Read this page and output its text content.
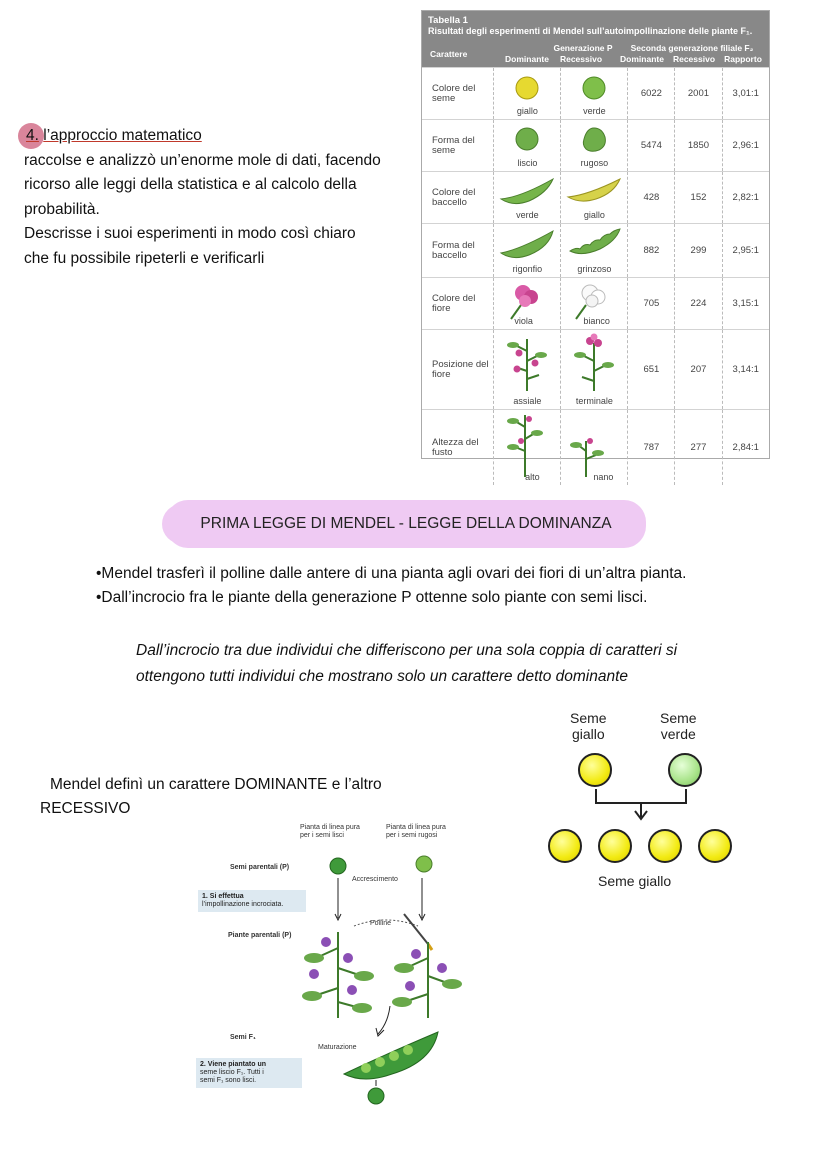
4. l’approccio matematico

raccolse e analizzò un’enorme mole di dati, facendo

ricorso alle leggi della statistica e al calcolo della

probabilità.

Descrisse i suoi esperimenti in modo così chiaro

che fu possibile ripeterli e verificarli

Tabella 1
Risultati degli esperimenti di Mendel sull’autoimpollinazione delle piante F₁.
Carattere
Generazione P
Dominante	Recessivo
Seconda generazione filiale F₂
Dominante	Recessivo	Rapporto
Colore del seme	giallo	verde	6022	2001	3,01:1
Forma del seme	liscio	rugoso	5474	1850	2,96:1
Colore del baccello	verde	giallo	428	152	2,82:1
Forma del baccello	rigonfio	grinzoso	882	299	2,95:1
Colore del fiore	viola	bianco	705	224	3,15:1
Posizione del fiore	assiale	terminale	651	207	3,14:1
Altezza del fusto	alto	nano	787	277	2,84:1
PRIMA LEGGE DI MENDEL - LEGGE DELLA DOMINANZA

•Mendel trasferì il polline dalle antere di una pianta agli ovari dei fiori di un’altra pianta.

•Dall’incrocio fra le piante della generazione P ottenne solo piante con semi lisci.

Dall’incrocio tra due individui che differiscono per una sola coppia di caratteri si
ottengono tutti individui che mostrano solo un carattere detto dominante
Mendel definì un carattere DOMINANTE e l’altro
RECESSIVO
Seme
giallo
Seme
verde
Seme giallo
Pianta di linea pura
per i semi lisci
Pianta di linea pura
per i semi rugosi
Semi parentali (P)
Accrescimento
1. Si effettua
l’impollinazione incrociata.
Polline
Piante parentali (P)
Semi F₁
Maturazione
2. Viene piantato un
seme liscio F₁. Tutti i
semi F₁ sono lisci.
